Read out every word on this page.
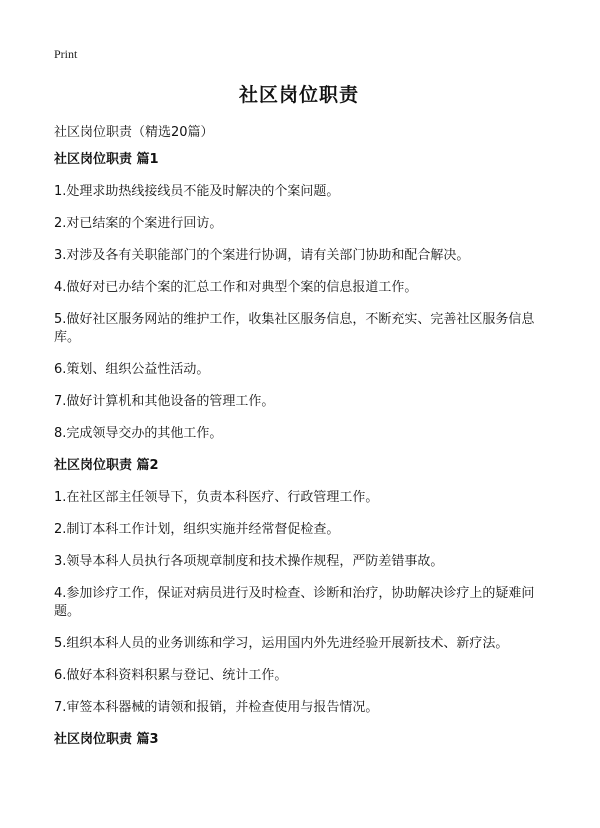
Print
社区岗位职责

社区岗位职责（精选20篇）

社区岗位职责 篇1

1.处理求助热线接线员不能及时解决的个案问题。

2.对已结案的个案进行回访。

3.对涉及各有关职能部门的个案进行协调，请有关部门协助和配合解决。

4.做好对已办结个案的汇总工作和对典型个案的信息报道工作。

5.做好社区服务网站的维护工作，收集社区服务信息，不断充实、完善社区服务信息库。

6.策划、组织公益性活动。

7.做好计算机和其他设备的管理工作。

8.完成领导交办的其他工作。

社区岗位职责 篇2

1.在社区部主任领导下，负责本科医疗、行政管理工作。

2.制订本科工作计划，组织实施并经常督促检查。

3.领导本科人员执行各项规章制度和技术操作规程，严防差错事故。

4.参加诊疗工作，保证对病员进行及时检查、诊断和治疗，协助解决诊疗上的疑难问题。

5.组织本科人员的业务训练和学习，运用国内外先进经验开展新技术、新疗法。

6.做好本科资料积累与登记、统计工作。

7.审签本科器械的请领和报销，并检查使用与报告情况。

社区岗位职责 篇3
